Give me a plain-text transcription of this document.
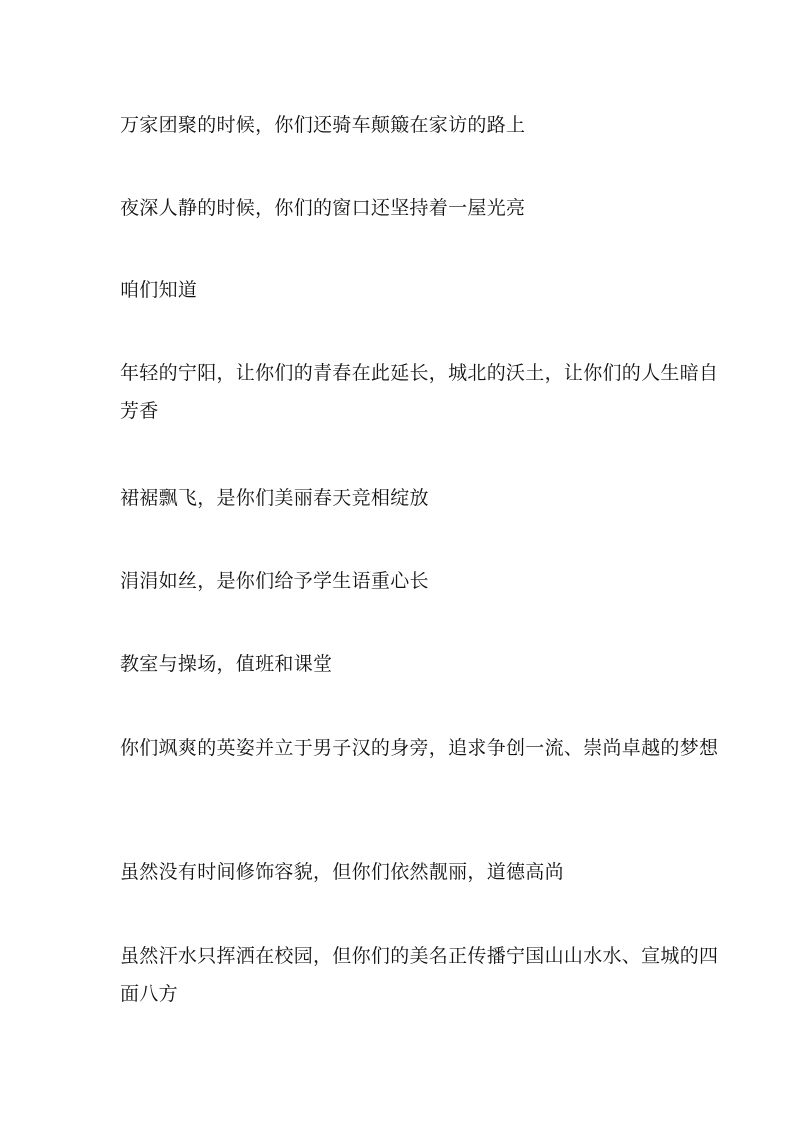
万家团聚的时候，你们还骑车颠簸在家访的路上

夜深人静的时候，你们的窗口还坚持着一屋光亮

咱们知道

年轻的宁阳，让你们的青春在此延长，城北的沃土，让你们的人生暗自芳香

裙裾飘飞，是你们美丽春天竞相绽放

涓涓如丝，是你们给予学生语重心长

教室与操场，值班和课堂

你们飒爽的英姿并立于男子汉的身旁，追求争创一流、崇尚卓越的梦想

虽然没有时间修饰容貌，但你们依然靓丽，道德高尚

虽然汗水只挥洒在校园，但你们的美名正传播宁国山山水水、宣城的四面八方
